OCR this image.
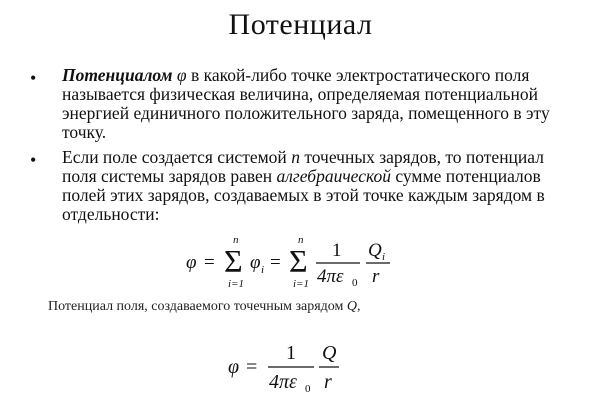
Потенциал
• Потенциалом φ в какой-либо точке электростатического поля называется физическая величина, определяемая потенциальной энергией единичного положительного заряда, помещенного в эту точку.
• Если поле создается системой n точечных зарядов, то потенциал поля системы зарядов равен алгебраической сумме потенциалов полей этих зарядов, создаваемых в этой точке каждым зарядом в отдельности:
φ = Σ
n
i=1
φ i = Σ
n
i=1
1
4πε 0
Q i
r
Потенциал поля, создаваемого точечным зарядом Q,
φ =
1
4πε 0
Q
r
